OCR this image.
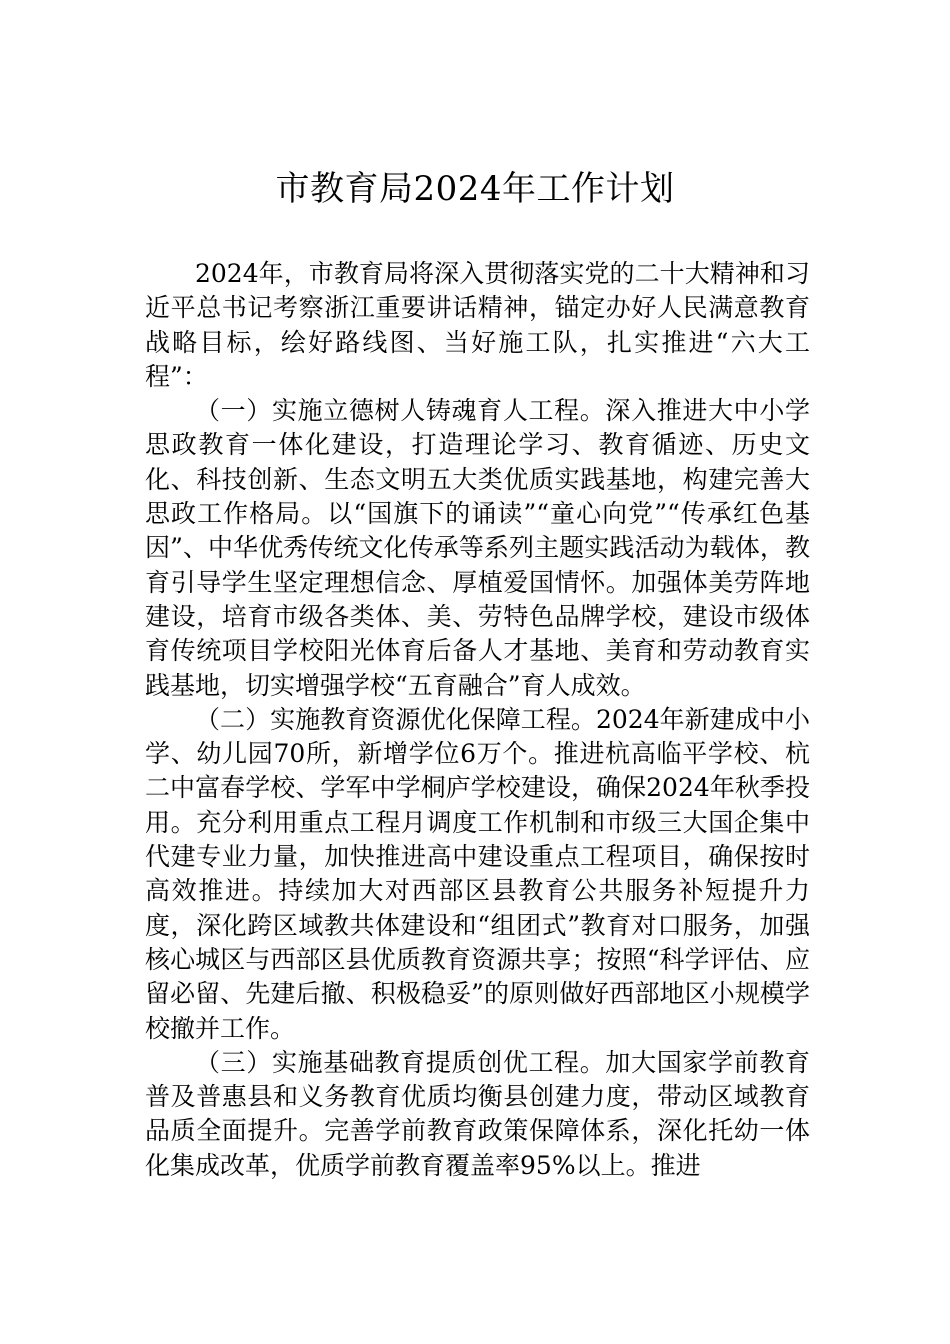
市教育局2024年工作计划

2024年，市教育局将深入贯彻落实党的二十大精神和习近平总书记考察浙江重要讲话精神，锚定办好人民满意教育战略目标，绘好路线图、当好施工队，扎实推进“六大工程”：

（一）实施立德树人铸魂育人工程。深入推进大中小学思政教育一体化建设，打造理论学习、教育循迹、历史文化、科技创新、生态文明五大类优质实践基地，构建完善大思政工作格局。以“国旗下的诵读”“童心向党”“传承红色基因”、中华优秀传统文化传承等系列主题实践活动为载体，教育引导学生坚定理想信念、厚植爱国情怀。加强体美劳阵地建设，培育市级各类体、美、劳特色品牌学校，建设市级体育传统项目学校阳光体育后备人才基地、美育和劳动教育实践基地，切实增强学校“五育融合”育人成效。

（二）实施教育资源优化保障工程。2024年新建成中小学、幼儿园70所，新增学位6万个。推进杭高临平学校、杭二中富春学校、学军中学桐庐学校建设，确保2024年秋季投用。充分利用重点工程月调度工作机制和市级三大国企集中代建专业力量，加快推进高中建设重点工程项目，确保按时高效推进。持续加大对西部区县教育公共服务补短提升力度，深化跨区域教共体建设和“组团式”教育对口服务，加强核心城区与西部区县优质教育资源共享；按照“科学评估、应留必留、先建后撤、积极稳妥”的原则做好西部地区小规模学校撤并工作。

（三）实施基础教育提质创优工程。加大国家学前教育普及普惠县和义务教育优质均衡县创建力度，带动区域教育品质全面提升。完善学前教育政策保障体系，深化托幼一体化集成改革，优质学前教育覆盖率95%以上。推进
